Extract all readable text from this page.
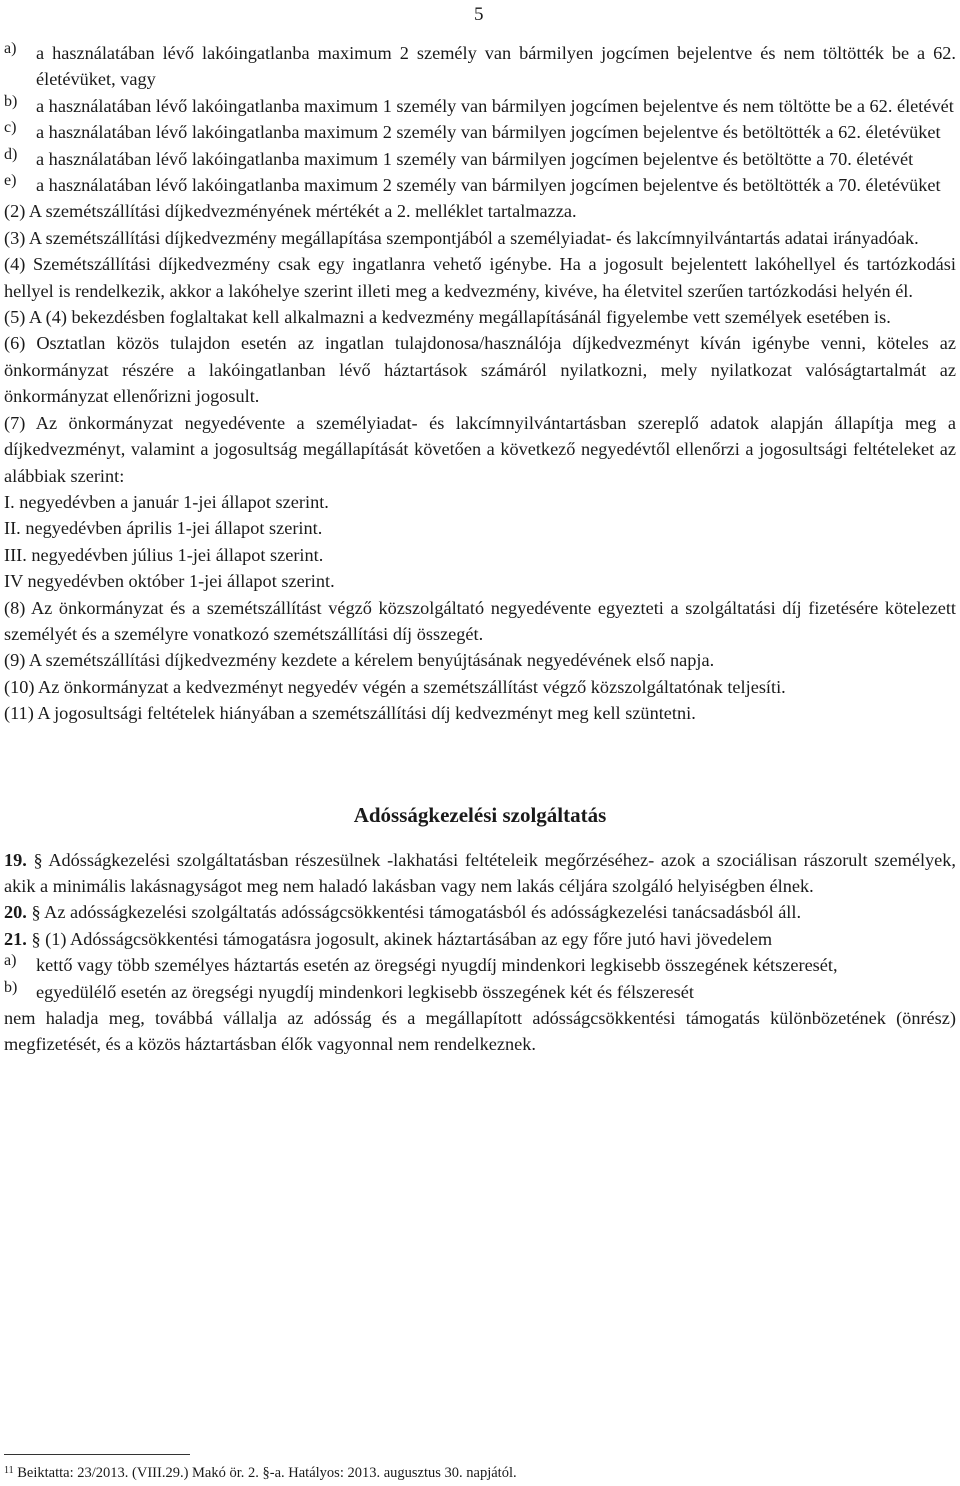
5
a)	a használatában lévő lakóingatlanba maximum 2 személy van bármilyen jogcímen bejelentve és nem töltötték be a 62. életévüket, vagy

b)	a használatában lévő lakóingatlanba maximum 1 személy van bármilyen jogcímen bejelentve és nem töltötte be a 62. életévét

c)	a használatában lévő lakóingatlanba maximum 2 személy van bármilyen jogcímen bejelentve és betöltötték a 62. életévüket

d)	a használatában lévő lakóingatlanba maximum 1 személy van bármilyen jogcímen bejelentve és betöltötte a 70. életévét

e)	a használatában lévő lakóingatlanba maximum 2 személy van bármilyen jogcímen bejelentve és betöltötték a 70. életévüket

(2) A szemétszállítási díjkedvezményének mértékét a 2. melléklet tartalmazza.

(3) A szemétszállítási díjkedvezmény megállapítása szempontjából a személyiadat- és lakcímnyilvántartás adatai irányadóak.

(4) Szemétszállítási díjkedvezmény csak egy ingatlanra vehető igénybe. Ha a jogosult bejelentett lakóhellyel és tartózkodási hellyel is rendelkezik, akkor a lakóhelye szerint illeti meg a kedvezmény, kivéve, ha életvitel szerűen tartózkodási helyén él.

(5) A (4) bekezdésben foglaltakat kell alkalmazni a kedvezmény megállapításánál figyelembe vett személyek esetében is.

(6) Osztatlan közös tulajdon esetén az ingatlan tulajdonosa/használója díjkedvezményt kíván igénybe venni, köteles az önkormányzat részére a lakóingatlanban lévő háztartások számáról nyilatkozni, mely nyilatkozat valóságtartalmát az önkormányzat ellenőrizni jogosult.

(7) Az önkormányzat negyedévente a személyiadat- és lakcímnyilvántartásban szereplő adatok alapján állapítja meg a díjkedvezményt, valamint a jogosultság megállapítását követően a következő negyedévtől ellenőrzi a jogosultsági feltételeket az alábbiak szerint:

I. negyedévben a január 1-jei állapot szerint.

II. negyedévben április 1-jei állapot szerint.

III. negyedévben július 1-jei állapot szerint.

IV negyedévben október 1-jei állapot szerint.

(8) Az önkormányzat és a szemétszállítást végző közszolgáltató negyedévente egyezteti a szolgáltatási díj fizetésére kötelezett személyét és a személyre vonatkozó szemétszállítási díj összegét.

(9) A szemétszállítási díjkedvezmény kezdete a kérelem benyújtásának negyedévének első napja.

(10) Az önkormányzat a kedvezményt negyedév végén a szemétszállítást végző közszolgáltatónak teljesíti.

(11) A jogosultsági feltételek hiányában a szemétszállítási díj kedvezményt meg kell szüntetni.

Adósságkezelési szolgáltatás

19. § Adósságkezelési szolgáltatásban részesülnek -lakhatási feltételeik megőrzéséhez- azok a szociálisan rászorult személyek, akik a minimális lakásnagyságot meg nem haladó lakásban vagy nem lakás céljára szolgáló helyiségben élnek.

20. § Az adósságkezelési szolgáltatás adósságcsökkentési támogatásból és adósságkezelési tanácsadásból áll.

21. § (1) Adósságcsökkentési támogatásra jogosult, akinek háztartásában az egy főre jutó havi jövedelem

a)	kettő vagy több személyes háztartás esetén az öregségi nyugdíj mindenkori legkisebb összegének kétszeresét,

b)	egyedülélő esetén az öregségi nyugdíj mindenkori legkisebb összegének két és félszeresét

nem haladja meg, továbbá vállalja az adósság és a megállapított adósságcsökkentési támogatás különbözetének (önrész) megfizetését, és a közös háztartásban élők vagyonnal nem rendelkeznek.

$^{11}$ Beiktatta: 23/2013. (VIII.29.) Makó ör. 2. §-a. Hatályos: 2013. augusztus 30. napjától.
